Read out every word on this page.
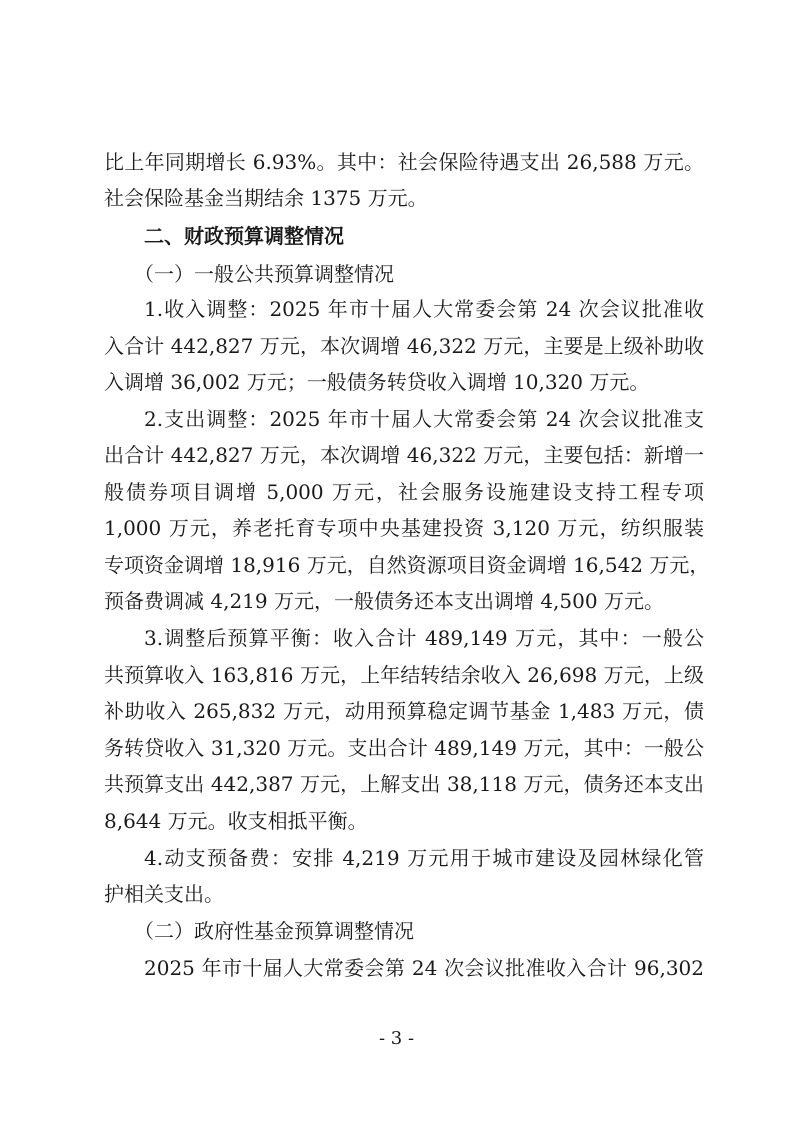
比上年同期增长 6.93%。其中：社会保险待遇支出 26,588 万元。
社会保险基金当期结余 1375 万元。
二、财政预算调整情况
（一）一般公共预算调整情况
1.收入调整：2025 年市十届人大常委会第 24 次会议批准收
入合计 442,827 万元，本次调增 46,322 万元，主要是上级补助收
入调增 36,002 万元；一般债务转贷收入调增 10,320 万元。
2.支出调整：2025 年市十届人大常委会第 24 次会议批准支
出合计 442,827 万元，本次调增 46,322 万元，主要包括：新增一
般债券项目调增 5,000 万元，社会服务设施建设支持工程专项
1,000 万元，养老托育专项中央基建投资 3,120 万元，纺织服装
专项资金调增 18,916 万元，自然资源项目资金调增 16,542 万元，
预备费调减 4,219 万元，一般债务还本支出调增 4,500 万元。
3.调整后预算平衡：收入合计 489,149 万元，其中：一般公
共预算收入 163,816 万元，上年结转结余收入 26,698 万元，上级
补助收入 265,832 万元，动用预算稳定调节基金 1,483 万元，债
务转贷收入 31,320 万元。支出合计 489,149 万元，其中：一般公
共预算支出 442,387 万元，上解支出 38,118 万元，债务还本支出
8,644 万元。收支相抵平衡。
4.动支预备费：安排 4,219 万元用于城市建设及园林绿化管
护相关支出。
（二）政府性基金预算调整情况
2025 年市十届人大常委会第 24 次会议批准收入合计 96,302
- 3 -
